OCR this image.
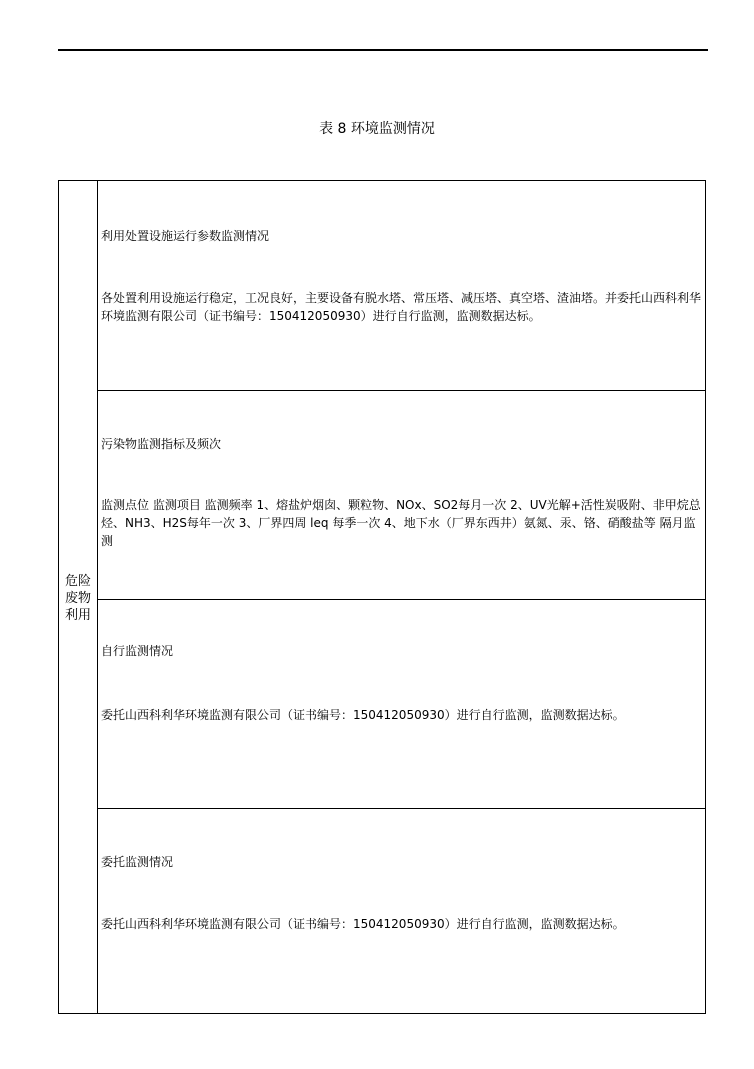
表 8 环境监测情况
危险
废物
利用
利用处置设施运行参数监测情况
各处置利用设施运行稳定，工况良好，主要设备有脱水塔、常压塔、减压塔、真空塔、渣油塔。并委托山西科利华环境监测有限公司（证书编号：150412050930）进行自行监测，监测数据达标。
污染物监测指标及频次
监测点位 监测项目 监测频率 1、熔盐炉烟囱、颗粒物、NOx、SO2每月一次 2、UV光解+活性炭吸附、非甲烷总烃、NH3、H2S每年一次 3、厂界四周 leq 每季一次 4、地下水（厂界东西井）氨氮、汞、铬、硝酸盐等 隔月监测
自行监测情况
委托山西科利华环境监测有限公司（证书编号：150412050930）进行自行监测，监测数据达标。
委托监测情况
委托山西科利华环境监测有限公司（证书编号：150412050930）进行自行监测，监测数据达标。
